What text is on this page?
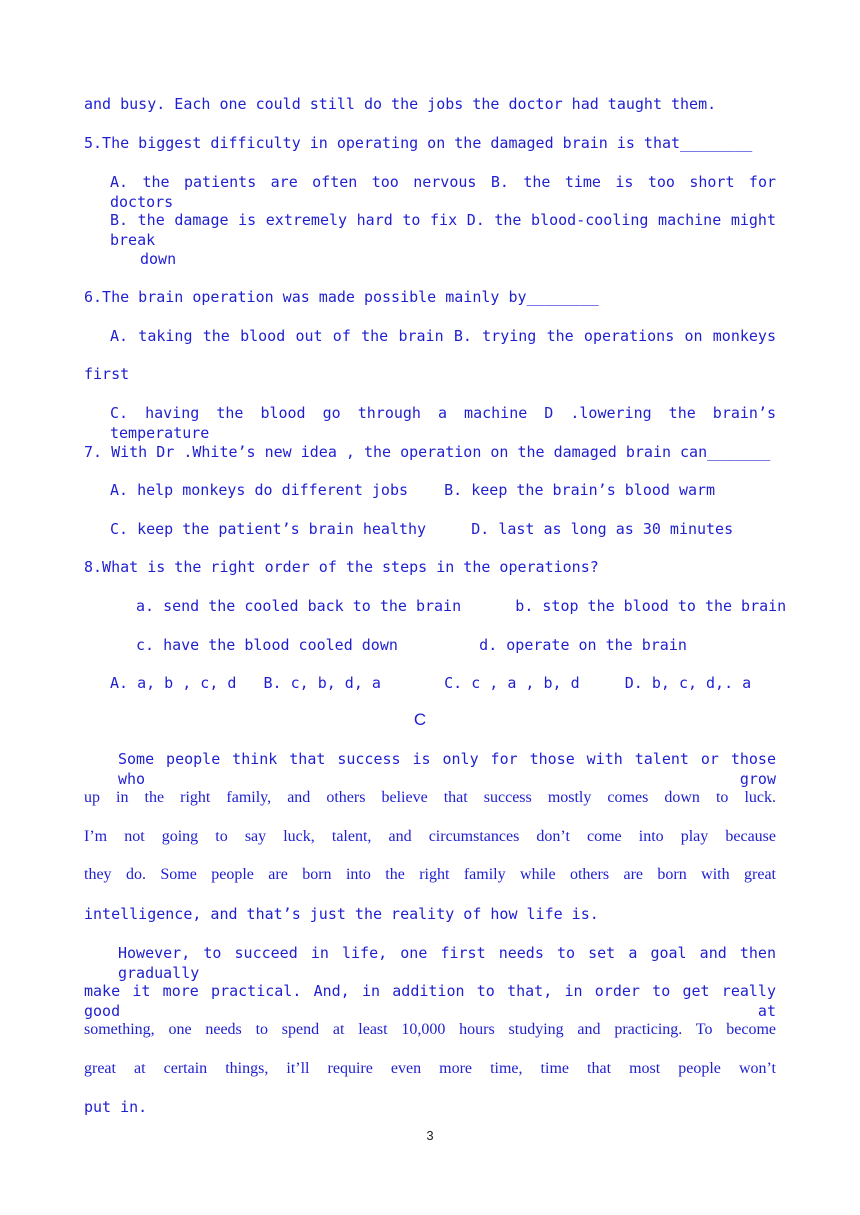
and busy. Each one could still do the jobs the doctor had taught them.
5.The biggest difficulty in operating on the damaged brain is that________
A. the patients are often too nervous B. the time is too short for doctors
B. the damage is extremely hard to fix D. the blood-cooling machine might break
down
6.The brain operation was made possible mainly by________
A. taking the blood out of the brain B. trying the operations on monkeys
first
C. having the blood go through a machine D .lowering the brain’s temperature
7. With Dr .White’s new idea , the operation on the damaged brain can_______
A. help monkeys do different jobs    B. keep the brain’s blood warm
C. keep the patient’s brain healthy     D. last as long as 30 minutes
8.What is the right order of the steps in the operations?
a. send the cooled back to the brain      b. stop the blood to the brain
c. have the blood cooled down         d. operate on the brain
A. a, b , c, d   B. c, b, d, a       C. c , a , b, d     D. b, c, d,. a
C
Some people think that success is only for those with talent or those who grow
up in the right family, and others believe that success mostly comes down to luck.
I’m not going to say luck, talent, and circumstances don’t come into play because
they do. Some people are born into the right family while others are born with great
intelligence, and that’s just the reality of how life is.
However, to succeed in life, one first needs to set a goal and then gradually
make it more practical. And, in addition to that, in order to get really good at
something, one needs to spend at least 10,000 hours studying and practicing. To become
great at certain things, it’ll require even more time, time that most people won’t
put in.
3
